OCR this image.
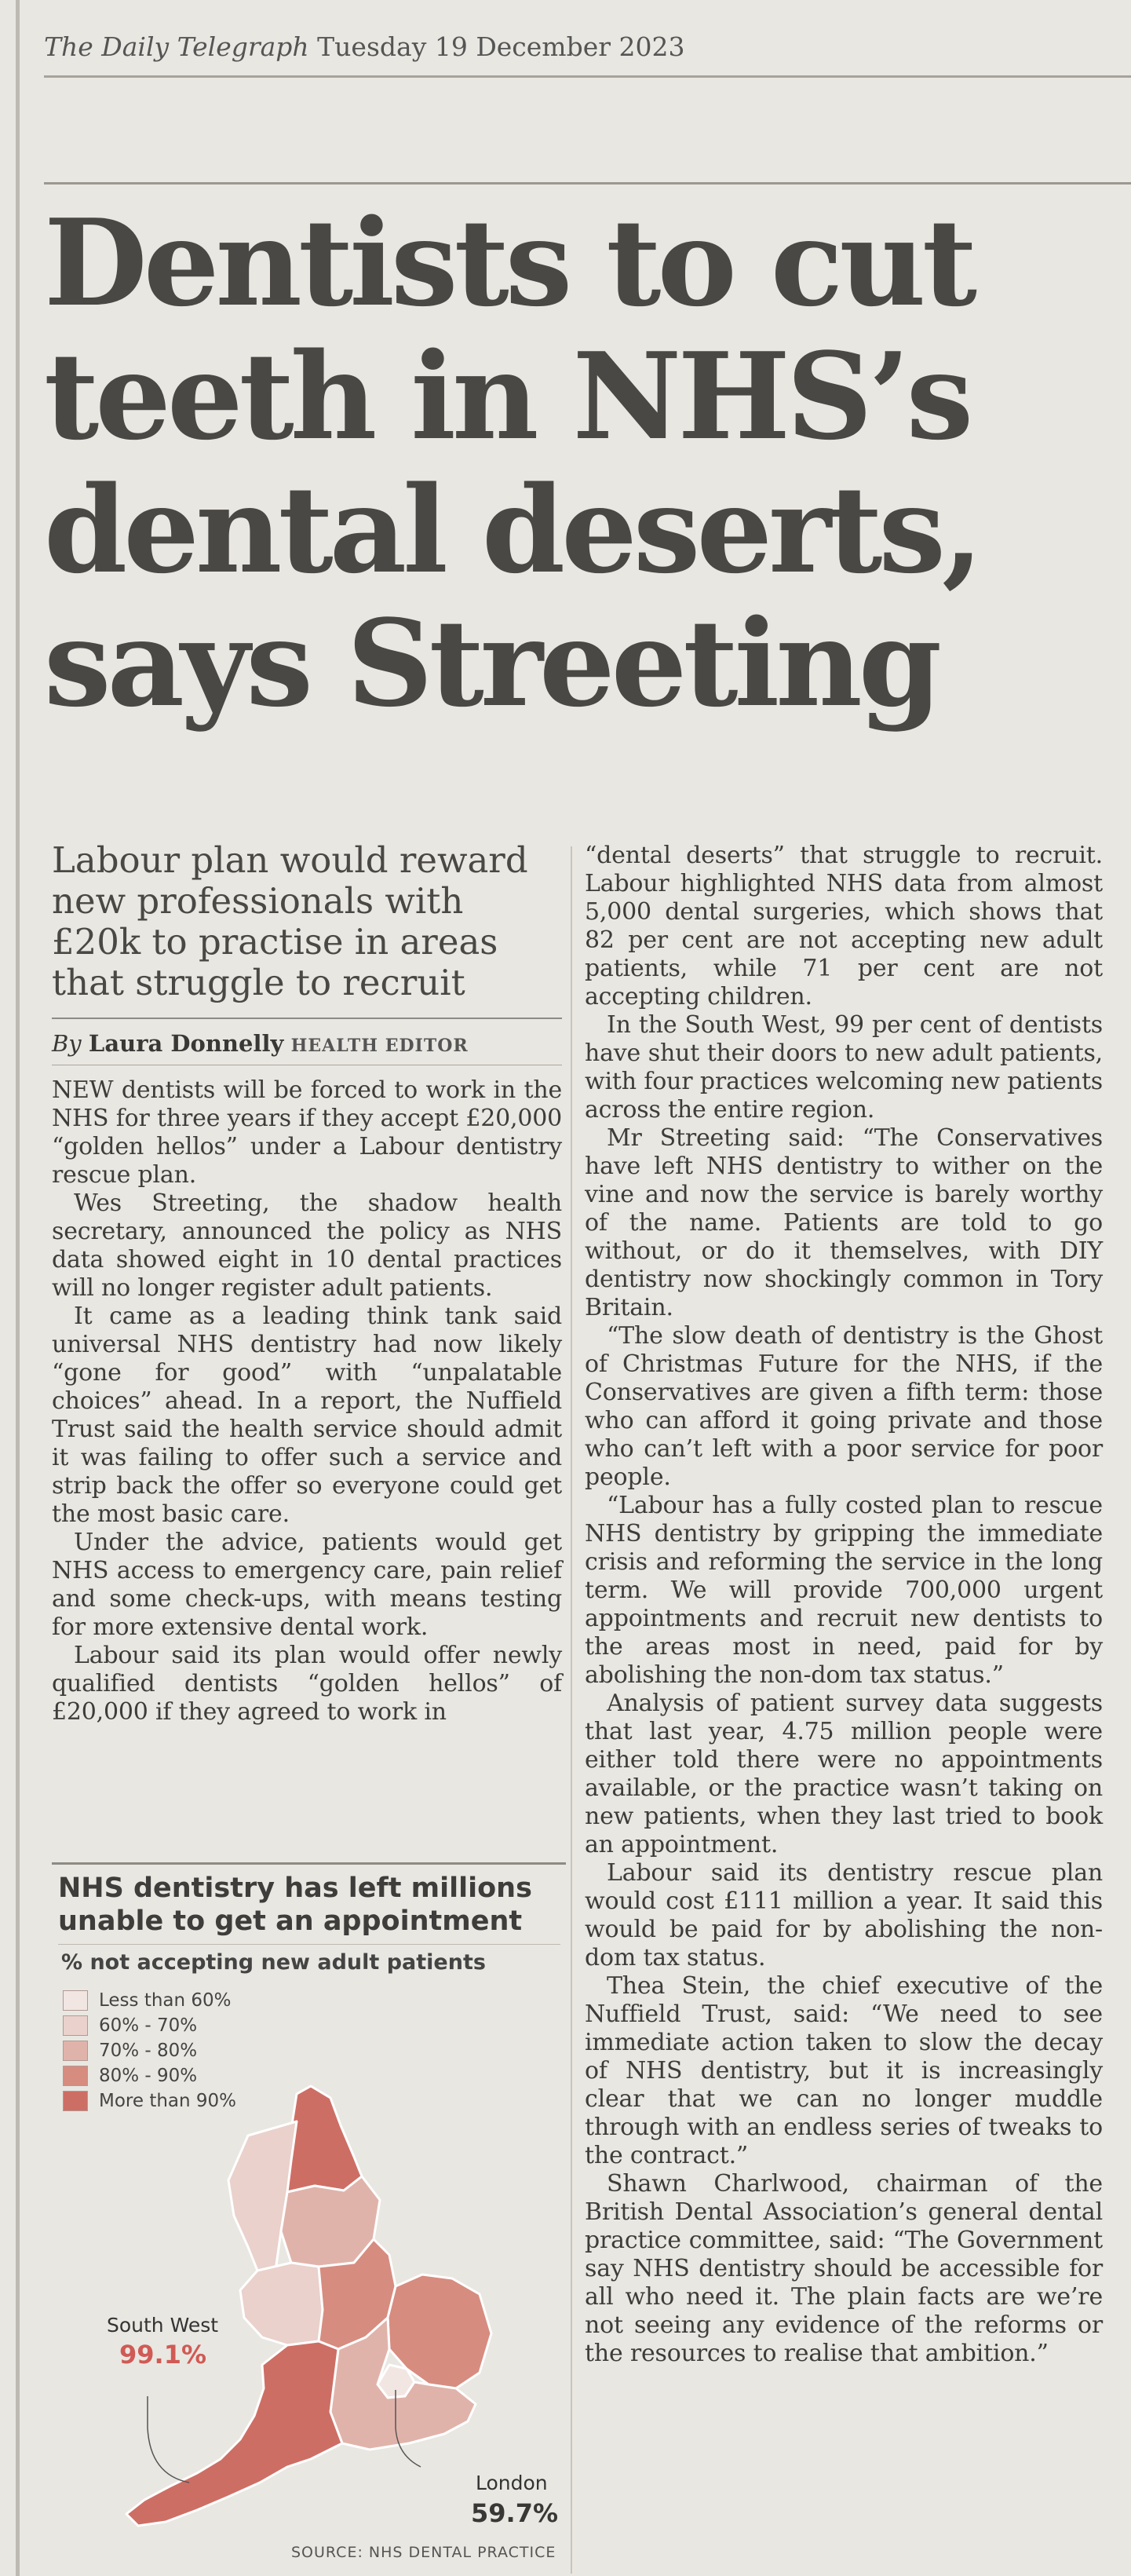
The Daily Telegraph Tuesday 19 December 2023
Dentists to cut
teeth in NHS’s
dental deserts,
says Streeting

Labour plan would reward new professionals with £20k to practise in areas that struggle to recruit

By Laura Donnelly HEALTH EDITOR

NEW dentists will be forced to work in the NHS for three years if they accept £20,000 “golden hellos” under a Labour dentistry rescue plan.

Wes Streeting, the shadow health secretary, announced the policy as NHS data showed eight in 10 dental practices will no longer register adult patients.

It came as a leading think tank said universal NHS dentistry had now likely “gone for good” with “unpalatable choices” ahead. In a report, the Nuffield Trust said the health service should admit it was failing to offer such a service and strip back the offer so everyone could get the most basic care.

Under the advice, patients would get NHS access to emergency care, pain relief and some check-ups, with means testing for more extensive dental work.

Labour said its plan would offer newly qualified dentists “golden hellos” of £20,000 if they agreed to work in

“dental deserts” that struggle to recruit. Labour highlighted NHS data from almost 5,000 dental surgeries, which shows that 82 per cent are not accepting new adult patients, while 71 per cent are not accepting children.

In the South West, 99 per cent of dentists have shut their doors to new adult patients, with four practices welcoming new patients across the entire region.

Mr Streeting said: “The Conservatives have left NHS dentistry to wither on the vine and now the service is barely worthy of the name. Patients are told to go without, or do it themselves, with DIY dentistry now shockingly common in Tory Britain.

“The slow death of dentistry is the Ghost of Christmas Future for the NHS, if the Conservatives are given a fifth term: those who can afford it going private and those who can’t left with a poor service for poor people.

“Labour has a fully costed plan to rescue NHS dentistry by gripping the immediate crisis and reforming the service in the long term. We will provide 700,000 urgent appointments and recruit new dentists to the areas most in need, paid for by abolishing the non-dom tax status.”

Analysis of patient survey data suggests that last year, 4.75 million people were either told there were no appointments available, or the practice wasn’t taking on new patients, when they last tried to book an appointment.

Labour said its dentistry rescue plan would cost £111 million a year. It said this would be paid for by abolishing the non-dom tax status.

Thea Stein, the chief executive of the Nuffield Trust, said: “We need to see immediate action taken to slow the decay of NHS dentistry, but it is increasingly clear that we can no longer muddle through with an endless series of tweaks to the contract.”

Shawn Charlwood, chairman of the British Dental Association’s general dental practice committee, said: “The Government say NHS dentistry should be accessible for all who need it. The plain facts are we’re not seeing any evidence of the reforms or the resources to realise that ambition.”

NHS dentistry has left millions unable to get an appointment

% not accepting new adult patients
Less than 60%
60% - 70%
70% - 80%
80% - 90%
More than 90%
South West
99.1%
London
59.7%
SOURCE: NHS DENTAL PRACTICE
